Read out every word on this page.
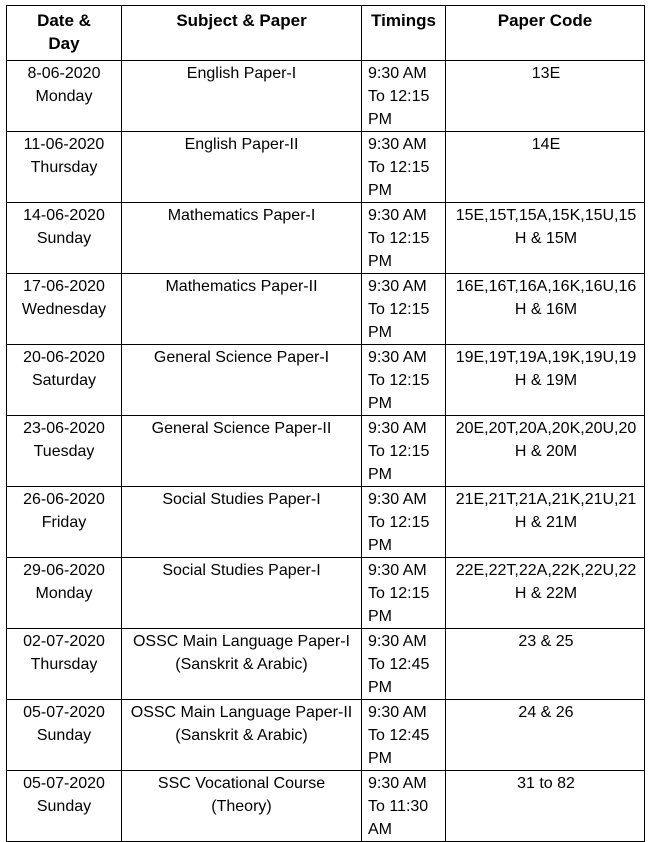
Date &
Day	Subject & Paper	Timings	Paper Code

8-06-2020
Monday	English Paper-I	9:30 AM
To 12:15
PM	13E

11-06-2020
Thursday	English Paper-II	9:30 AM
To 12:15
PM	14E

14-06-2020
Sunday	Mathematics Paper-I	9:30 AM
To 12:15
PM	15E,15T,15A,15K,15U,15H & 15M

17-06-2020
Wednesday	Mathematics Paper-II	9:30 AM
To 12:15
PM	16E,16T,16A,16K,16U,16H & 16M

20-06-2020
Saturday	General Science Paper-I	9:30 AM
To 12:15
PM	19E,19T,19A,19K,19U,19H & 19M

23-06-2020
Tuesday	General Science Paper-II	9:30 AM
To 12:15
PM	20E,20T,20A,20K,20U,20H & 20M

26-06-2020
Friday	Social Studies Paper-I	9:30 AM
To 12:15
PM	21E,21T,21A,21K,21U,21H & 21M

29-06-2020
Monday	Social Studies Paper-I	9:30 AM
To 12:15
PM	22E,22T,22A,22K,22U,22H & 22M

02-07-2020
Thursday	OSSC Main Language Paper-I
(Sanskrit & Arabic)	9:30 AM
To 12:45
PM	23 & 25

05-07-2020
Sunday	OSSC Main Language Paper-II
(Sanskrit & Arabic)	9:30 AM
To 12:45
PM	24 & 26

05-07-2020
Sunday	SSC Vocational Course
(Theory)	9:30 AM
To 11:30
AM	31 to 82
